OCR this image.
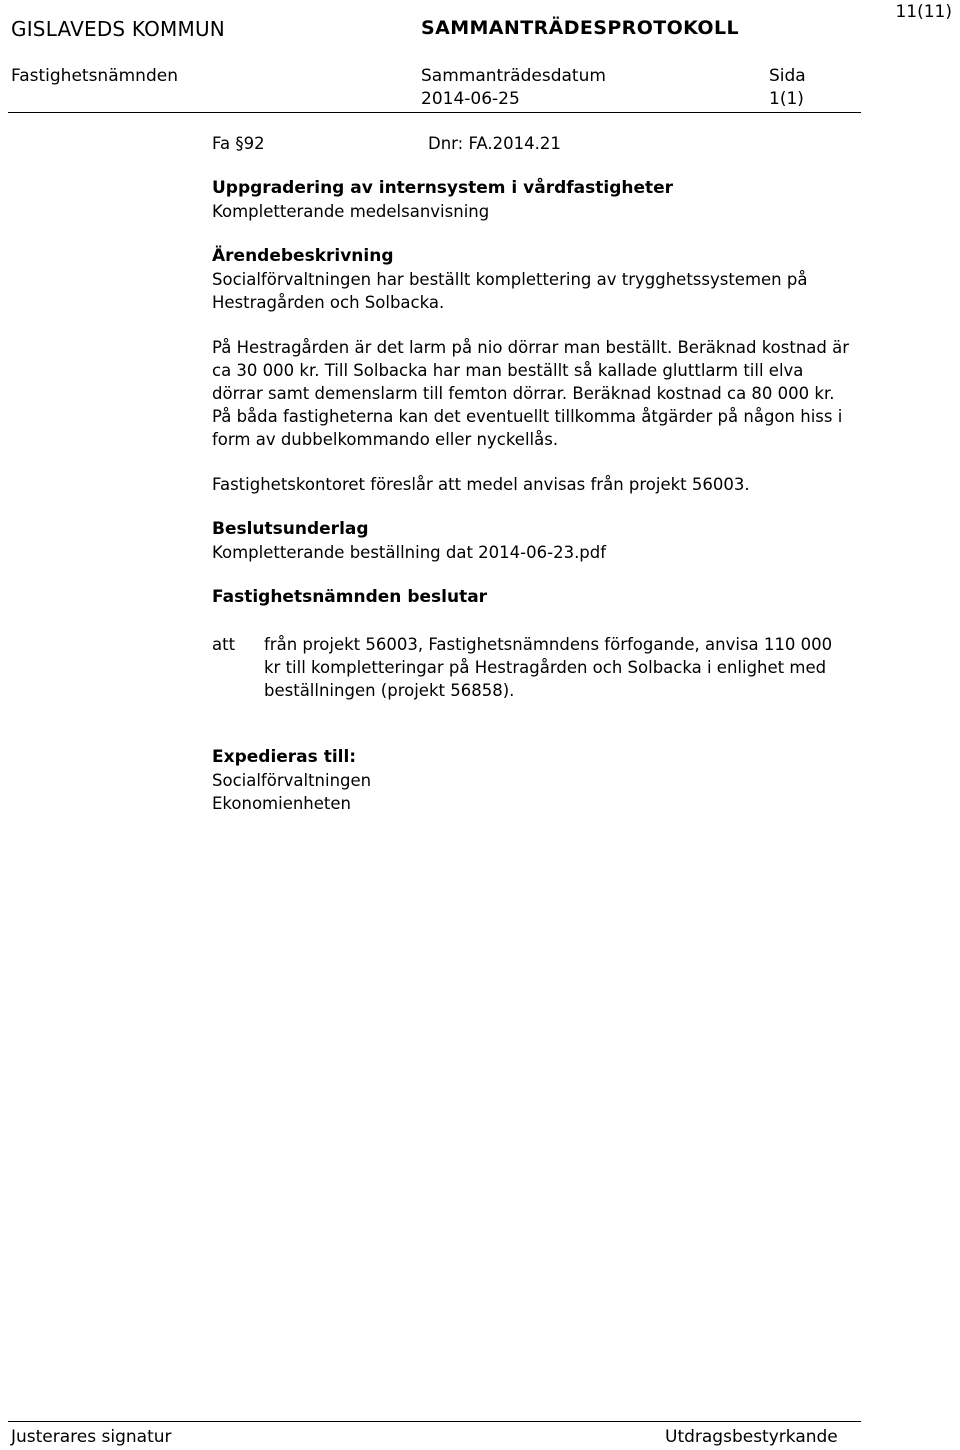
11(11)
GISLAVEDS KOMMUN	SAMMANTRÄDESPROTOKOLL
Fastighetsnämnden	Sammanträdesdatum
2014-06-25
Sida
1(1)
Fa §92	Dnr: FA.2014.21
Uppgradering av internsystem i vårdfastigheter
Kompletterande medelsanvisning
Ärendebeskrivning

Socialförvaltningen har beställt komplettering av trygghetssystemen på Hestragården och Solbacka.

På Hestragården är det larm på nio dörrar man beställt. Beräknad kostnad är ca 30 000 kr. Till Solbacka har man beställt så kallade gluttlarm till elva dörrar samt demenslarm till femton dörrar. Beräknad kostnad ca 80 000 kr. På båda fastigheterna kan det eventuellt tillkomma åtgärder på någon hiss i form av dubbelkommando eller nyckellås.

Fastighetskontoret föreslår att medel anvisas från projekt 56003.

Beslutsunderlag
Kompletterande beställning dat 2014-06-23.pdf
Fastighetsnämnden beslutar
att från projekt 56003, Fastighetsnämndens förfogande, anvisa 110 000 kr till kompletteringar på Hestragården och Solbacka i enlighet med beställningen (projekt 56858).
Expedieras till:
Socialförvaltningen
Ekonomienheten
Justerares signatur	Utdragsbestyrkande
